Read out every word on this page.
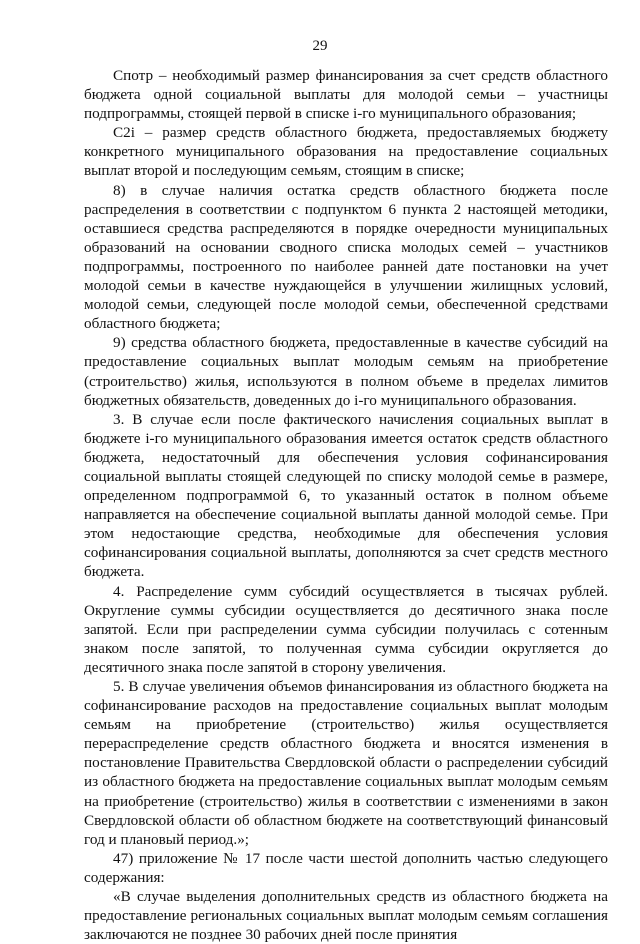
29

Спотр – необходимый размер финансирования за счет средств областного бюджета одной социальной выплаты для молодой семьи – участницы подпрограммы, стоящей первой в списке i-го муниципального образования;

C2i – размер средств областного бюджета, предоставляемых бюджету конкретного муниципального образования на предоставление социальных выплат второй и последующим семьям, стоящим в списке;

8) в случае наличия остатка средств областного бюджета после распределения в соответствии с подпунктом 6 пункта 2 настоящей методики, оставшиеся средства распределяются в порядке очередности муниципальных образований на основании сводного списка молодых семей – участников подпрограммы, построенного по наиболее ранней дате постановки на учет молодой семьи в качестве нуждающейся в улучшении жилищных условий, молодой семьи, следующей после молодой семьи, обеспеченной средствами областного бюджета;

9) средства областного бюджета, предоставленные в качестве субсидий на предоставление социальных выплат молодым семьям на приобретение (строительство) жилья, используются в полном объеме в пределах лимитов бюджетных обязательств, доведенных до i-го муниципального образования.

3. В случае если после фактического начисления социальных выплат в бюджете i-го муниципального образования имеется остаток средств областного бюджета, недостаточный для обеспечения условия софинансирования социальной выплаты стоящей следующей по списку молодой семье в размере, определенном подпрограммой 6, то указанный остаток в полном объеме направляется на обеспечение социальной выплаты данной молодой семье. При этом недостающие средства, необходимые для обеспечения условия софинансирования социальной выплаты, дополняются за счет средств местного бюджета.

4. Распределение сумм субсидий осуществляется в тысячах рублей. Округление суммы субсидии осуществляется до десятичного знака после запятой. Если при распределении сумма субсидии получилась с сотенным знаком после запятой, то полученная сумма субсидии округляется до десятичного знака после запятой в сторону увеличения.

5. В случае увеличения объемов финансирования из областного бюджета на софинансирование расходов на предоставление социальных выплат молодым семьям на приобретение (строительство) жилья осуществляется перераспределение средств областного бюджета и вносятся изменения в постановление Правительства Свердловской области о распределении субсидий из областного бюджета на предоставление социальных выплат молодым семьям на приобретение (строительство) жилья в соответствии с изменениями в закон Свердловской области об областном бюджете на соответствующий финансовый год и плановый период.»;

47) приложение № 17 после части шестой дополнить частью следующего содержания:

«В случае выделения дополнительных средств из областного бюджета на предоставление региональных социальных выплат молодым семьям соглашения заключаются не позднее 30 рабочих дней после принятия
